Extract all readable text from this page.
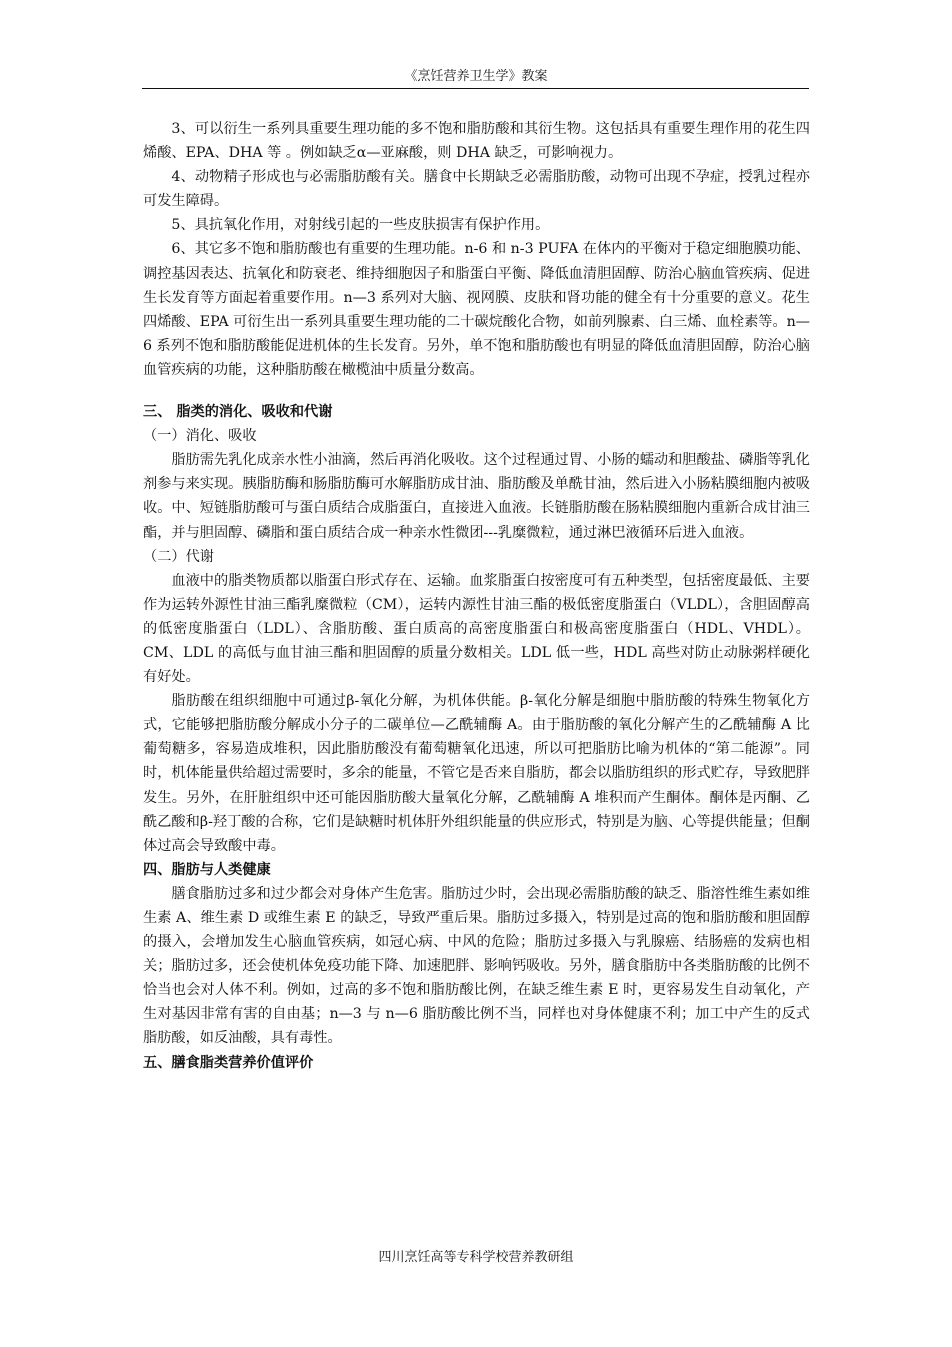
《烹饪营养卫生学》教案

3、可以衍生一系列具重要生理功能的多不饱和脂肪酸和其衍生物。这包括具有重要生理作用的花生四烯酸、EPA、DHA 等 。例如缺乏α—亚麻酸，则 DHA 缺乏，可影响视力。

4、动物精子形成也与必需脂肪酸有关。膳食中长期缺乏必需脂肪酸，动物可出现不孕症，授乳过程亦可发生障碍。

5、具抗氧化作用，对射线引起的一些皮肤损害有保护作用。

6、其它多不饱和脂肪酸也有重要的生理功能。n-6 和 n-3 PUFA 在体内的平衡对于稳定细胞膜功能、调控基因表达、抗氧化和防衰老、维持细胞因子和脂蛋白平衡、降低血清胆固醇、防治心脑血管疾病、促进生长发育等方面起着重要作用。n—3 系列对大脑、视网膜、皮肤和肾功能的健全有十分重要的意义。花生四烯酸、EPA 可衍生出一系列具重要生理功能的二十碳烷酸化合物，如前列腺素、白三烯、血栓素等。n—6 系列不饱和脂肪酸能促进机体的生长发育。另外，单不饱和脂肪酸也有明显的降低血清胆固醇，防治心脑血管疾病的功能，这种脂肪酸在橄榄油中质量分数高。

三、 脂类的消化、吸收和代谢

（一）消化、吸收

脂肪需先乳化成亲水性小油滴，然后再消化吸收。这个过程通过胃、小肠的蠕动和胆酸盐、磷脂等乳化剂参与来实现。胰脂肪酶和肠脂肪酶可水解脂肪成甘油、脂肪酸及单酰甘油，然后进入小肠粘膜细胞内被吸收。中、短链脂肪酸可与蛋白质结合成脂蛋白，直接进入血液。长链脂肪酸在肠粘膜细胞内重新合成甘油三酯，并与胆固醇、磷脂和蛋白质结合成一种亲水性微团---乳糜微粒，通过淋巴液循环后进入血液。

（二）代谢

血液中的脂类物质都以脂蛋白形式存在、运输。血浆脂蛋白按密度可有五种类型，包括密度最低、主要作为运转外源性甘油三酯乳糜微粒（CM），运转内源性甘油三酯的极低密度脂蛋白（VLDL），含胆固醇高的低密度脂蛋白（LDL）、含脂肪酸、蛋白质高的高密度脂蛋白和极高密度脂蛋白（HDL、VHDL）。CM、LDL 的高低与血甘油三酯和胆固醇的质量分数相关。LDL 低一些，HDL 高些对防止动脉粥样硬化有好处。

脂肪酸在组织细胞中可通过β-氧化分解，为机体供能。β-氧化分解是细胞中脂肪酸的特殊生物氧化方式，它能够把脂肪酸分解成小分子的二碳单位—乙酰辅酶 A。由于脂肪酸的氧化分解产生的乙酰辅酶 A 比葡萄糖多，容易造成堆积，因此脂肪酸没有葡萄糖氧化迅速，所以可把脂肪比喻为机体的“第二能源”。同时，机体能量供给超过需要时，多余的能量，不管它是否来自脂肪，都会以脂肪组织的形式贮存，导致肥胖发生。另外，在肝脏组织中还可能因脂肪酸大量氧化分解，乙酰辅酶 A 堆积而产生酮体。酮体是丙酮、乙酰乙酸和β-羟丁酸的合称，它们是缺糖时机体肝外组织能量的供应形式，特别是为脑、心等提供能量；但酮体过高会导致酸中毒。

四、脂肪与人类健康

膳食脂肪过多和过少都会对身体产生危害。脂肪过少时，会出现必需脂肪酸的缺乏、脂溶性维生素如维生素 A、维生素 D 或维生素 E 的缺乏，导致严重后果。脂肪过多摄入，特别是过高的饱和脂肪酸和胆固醇的摄入，会增加发生心脑血管疾病，如冠心病、中风的危险；脂肪过多摄入与乳腺癌、结肠癌的发病也相关；脂肪过多，还会使机体免疫功能下降、加速肥胖、影响钙吸收。另外，膳食脂肪中各类脂肪酸的比例不恰当也会对人体不利。例如，过高的多不饱和脂肪酸比例，在缺乏维生素 E 时，更容易发生自动氧化，产生对基因非常有害的自由基；n—3 与 n—6 脂肪酸比例不当，同样也对身体健康不利；加工中产生的反式脂肪酸，如反油酸，具有毒性。

五、膳食脂类营养价值评价

四川烹饪高等专科学校营养教研组
